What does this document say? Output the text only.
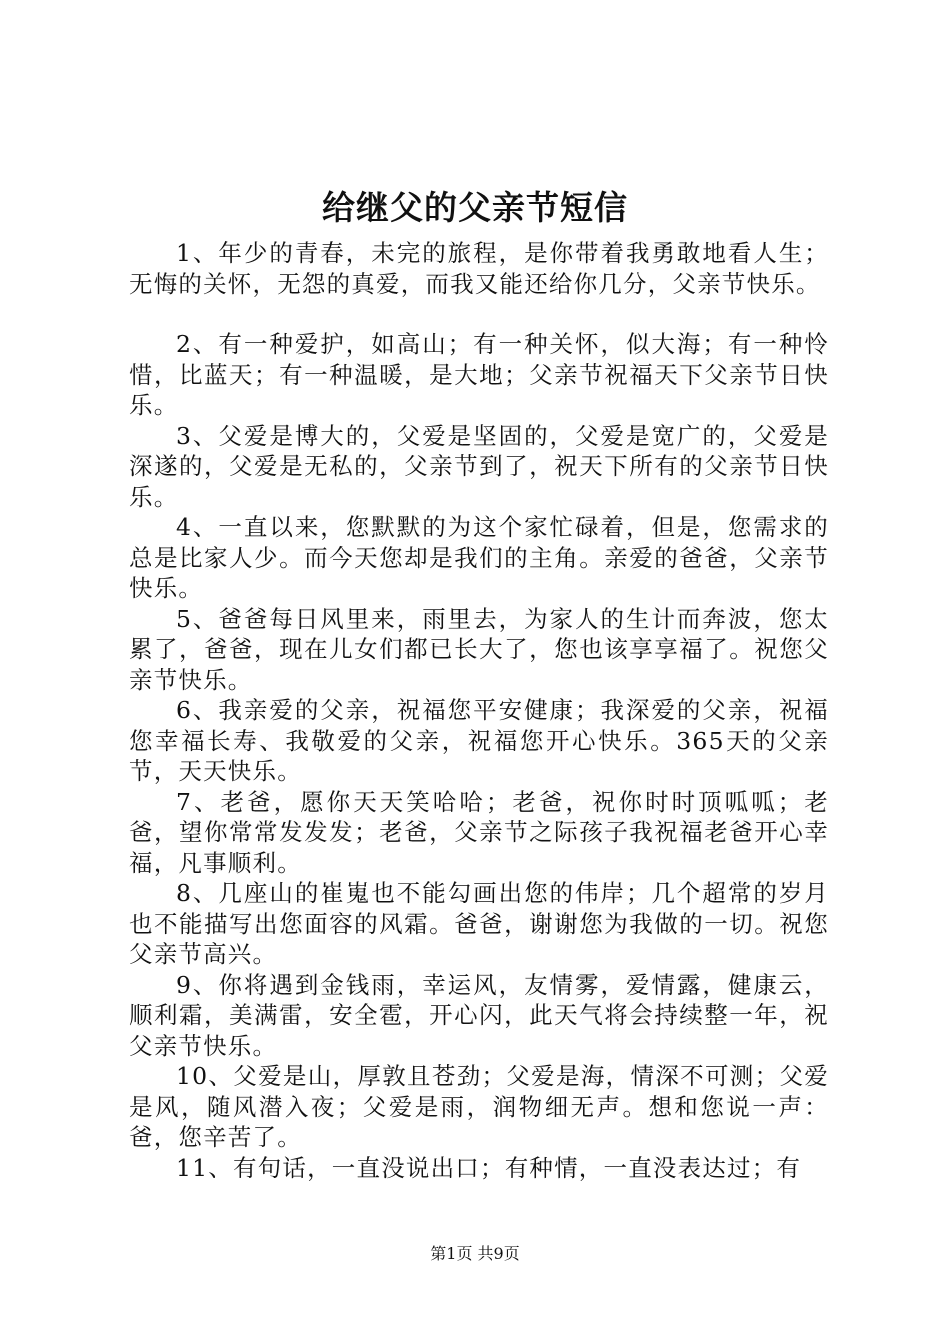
给继父的父亲节短信

1、年少的青春，未完的旅程，是你带着我勇敢地看人生；无悔的关怀，无怨的真爱，而我又能还给你几分，父亲节快乐。

2、有一种爱护，如高山；有一种关怀，似大海；有一种怜惜，比蓝天；有一种温暖，是大地；父亲节祝福天下父亲节日快乐。

3、父爱是博大的，父爱是坚固的，父爱是宽广的，父爱是深遂的，父爱是无私的，父亲节到了，祝天下所有的父亲节日快乐。

4、一直以来，您默默的为这个家忙碌着，但是，您需求的总是比家人少。而今天您却是我们的主角。亲爱的爸爸，父亲节快乐。

5、爸爸每日风里来，雨里去，为家人的生计而奔波，您太累了，爸爸，现在儿女们都已长大了，您也该享享福了。祝您父亲节快乐。

6、我亲爱的父亲，祝福您平安健康；我深爱的父亲，祝福您幸福长寿、我敬爱的父亲，祝福您开心快乐。365天的父亲节，天天快乐。

7、老爸，愿你天天笑哈哈；老爸，祝你时时顶呱呱；老爸，望你常常发发发；老爸，父亲节之际孩子我祝福老爸开心幸福，凡事顺利。

8、几座山的崔嵬也不能勾画出您的伟岸；几个超常的岁月也不能描写出您面容的风霜。爸爸，谢谢您为我做的一切。祝您父亲节高兴。

9、你将遇到金钱雨，幸运风，友情雾，爱情露，健康云，顺利霜，美满雷，安全雹，开心闪，此天气将会持续整一年，祝父亲节快乐。

10、父爱是山，厚敦且苍劲；父爱是海，情深不可测；父爱是风，随风潜入夜；父爱是雨，润物细无声。想和您说一声：爸，您辛苦了。

11、有句话，一直没说出口；有种情，一直没表达过；有

第1页 共9页
